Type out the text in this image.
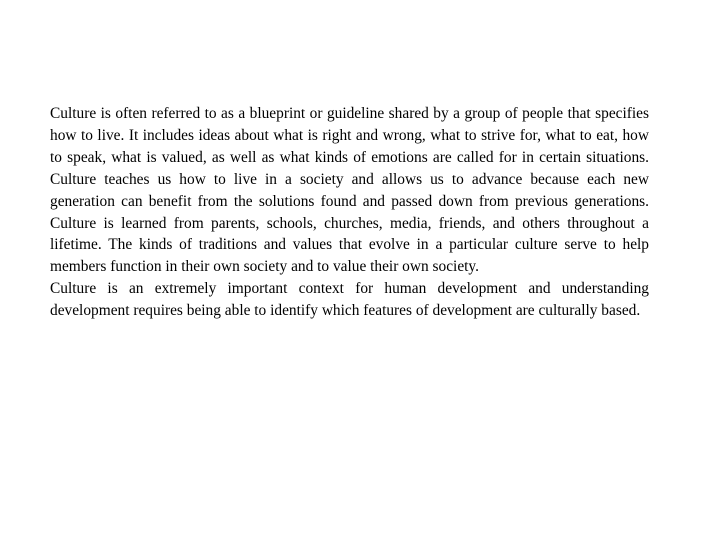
Culture is often referred to as a blueprint or guideline shared by a group of people that specifies how to live. It includes ideas about what is right and wrong, what to strive for, what to eat, how to speak, what is valued, as well as what kinds of emotions are called for in certain situations. Culture teaches us how to live in a society and allows us to advance because each new generation can benefit from the solutions found and passed down from previous generations. Culture is learned from parents, schools, churches, media, friends, and others throughout a lifetime. The kinds of traditions and values that evolve in a particular culture serve to help members function in their own society and to value their own society.

Culture is an extremely important context for human development and understanding development requires being able to identify which features of development are culturally based.
